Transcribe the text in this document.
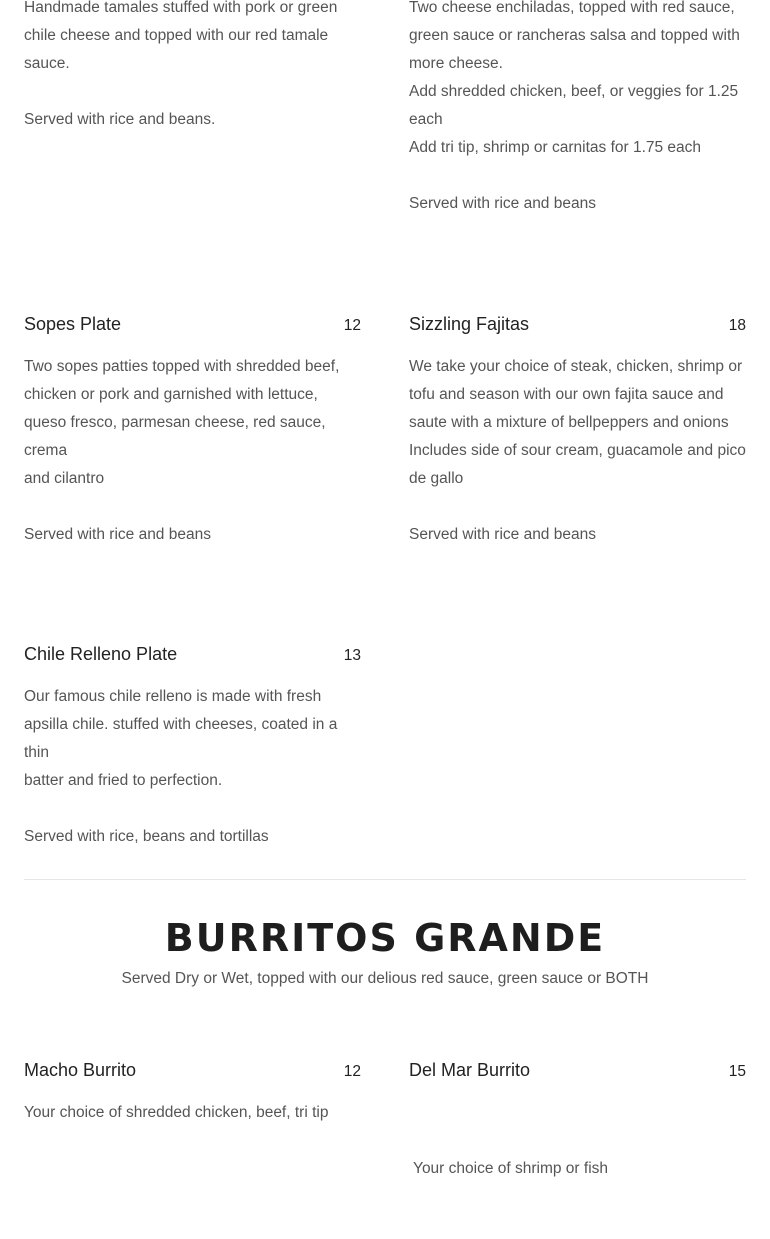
Handmade tamales stuffed with pork or green

chile cheese and topped with our red tamale

sauce.

Served with rice and beans.

Two cheese enchiladas, topped with red sauce,

green sauce or rancheras salsa and topped with

more cheese.

Add shredded chicken, beef, or veggies for 1.25

each

Add tri tip, shrimp or carnitas for 1.75 each

Served with rice and beans

Sopes Plate	12

Two sopes patties topped with shredded beef,

chicken or pork and garnished with lettuce,

queso fresco, parmesan cheese, red sauce, crema

and cilantro

Served with rice and beans

Sizzling Fajitas	18

We take your choice of steak, chicken, shrimp or

tofu and season with our own fajita sauce and

saute with a mixture of bellpeppers and onions

Includes side of sour cream, guacamole and pico

de gallo

Served with rice and beans

Chile Relleno Plate	13

Our famous chile relleno is made with fresh

apsilla chile. stuffed with cheeses, coated in a thin

batter and fried to perfection.

Served with rice, beans and tortillas

BURRITOS GRANDE
Served Dry or Wet, topped with our delious red sauce, green sauce or BOTH
Macho Burrito	12

Your choice of shredded chicken, beef, tri tip

Del Mar Burrito	15

Your choice of shrimp or fish
